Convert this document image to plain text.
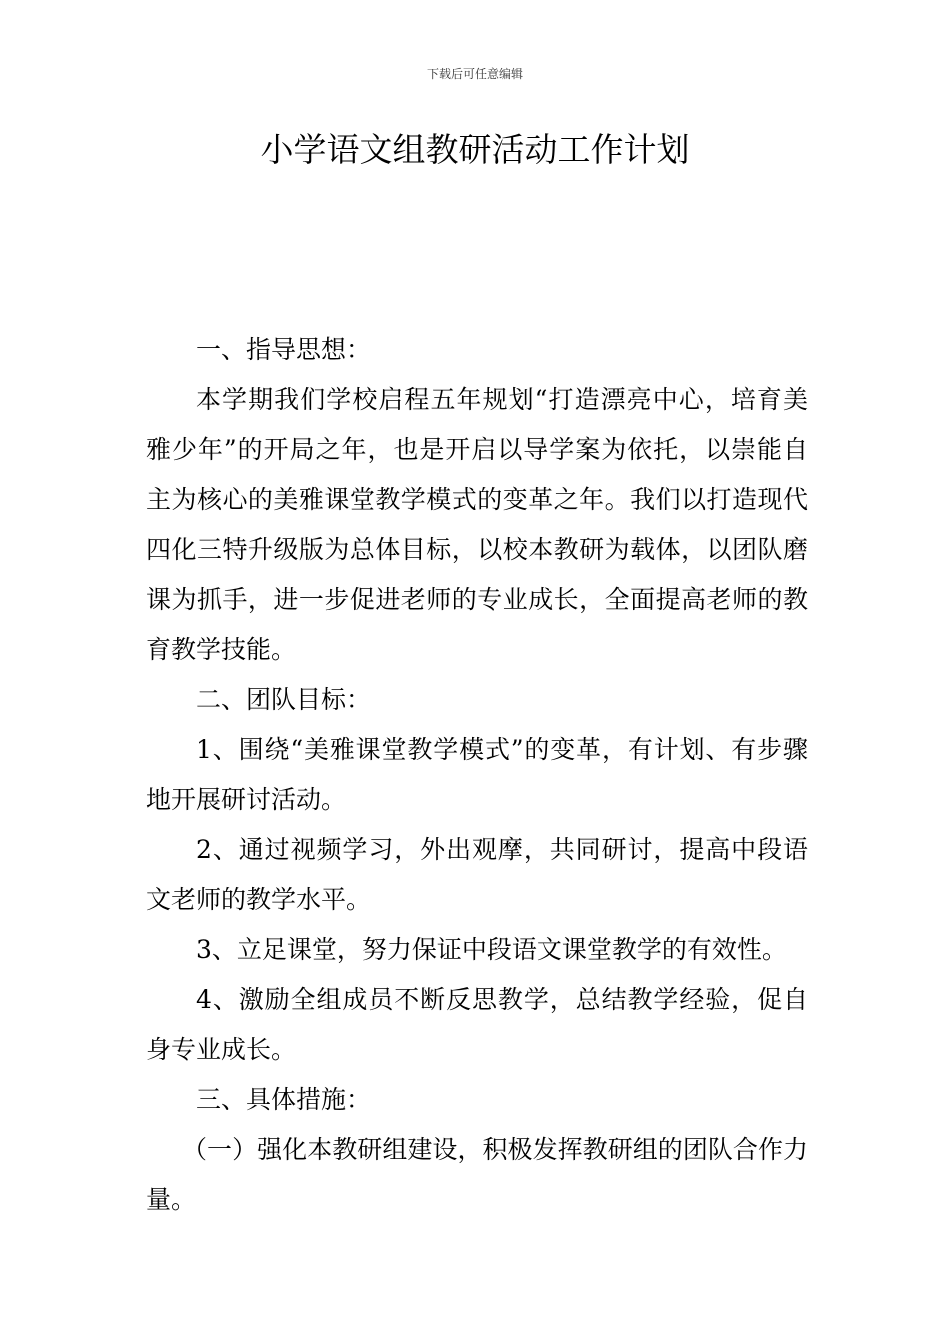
下载后可任意编辑
小学语文组教研活动工作计划

一、指导思想：

本学期我们学校启程五年规划“打造漂亮中心，培育美雅少年”的开局之年，也是开启以导学案为依托，以崇能自主为核心的美雅课堂教学模式的变革之年。我们以打造现代四化三特升级版为总体目标，以校本教研为载体，以团队磨课为抓手，进一步促进老师的专业成长，全面提高老师的教育教学技能。

二、团队目标：

1、围绕“美雅课堂教学模式”的变革，有计划、有步骤地开展研讨活动。

2、通过视频学习，外出观摩，共同研讨，提高中段语文老师的教学水平。

3、立足课堂，努力保证中段语文课堂教学的有效性。

4、激励全组成员不断反思教学，总结教学经验，促自身专业成长。

三、具体措施：

（一）强化本教研组建设，积极发挥教研组的团队合作力量。
